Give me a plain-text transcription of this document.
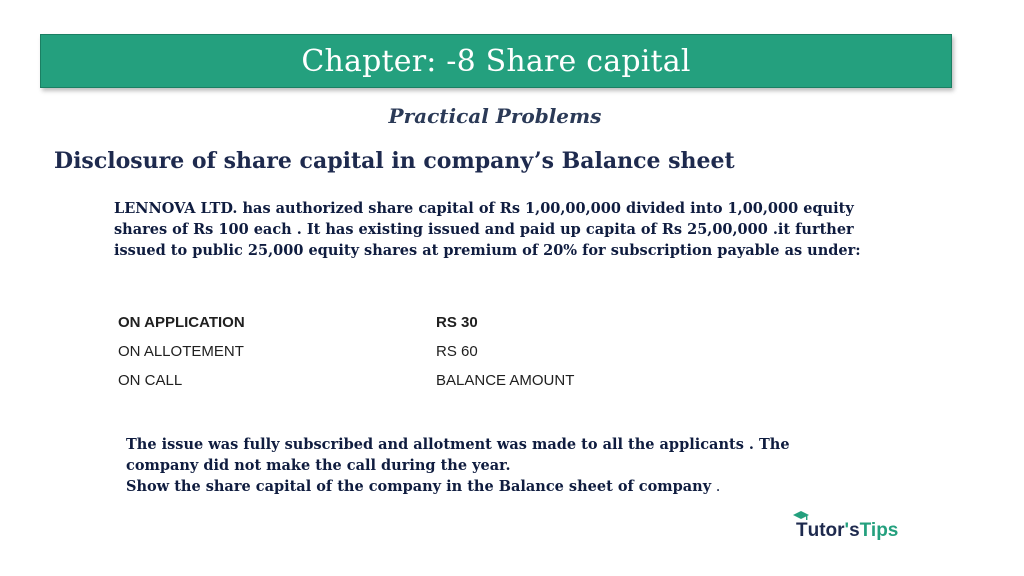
Chapter: -8 Share capital
Practical Problems
Disclosure of share capital in company’s Balance sheet
LENNOVA LTD. has authorized share capital of Rs 1,00,00,000 divided into 1,00,000 equity
shares of Rs 100 each . It has existing issued and paid up capita of Rs 25,00,000 .it further
issued to public 25,000 equity shares at premium of 20% for subscription payable as under:
ON APPLICATION	RS 30
ON ALLOTEMENT	RS 60
ON CALL	BALANCE AMOUNT

The issue was fully subscribed and allotment was made to all the applicants . The

company did not make the call during the year.

Show the share capital of the company in the Balance sheet of company .

T utor ' s Tips
